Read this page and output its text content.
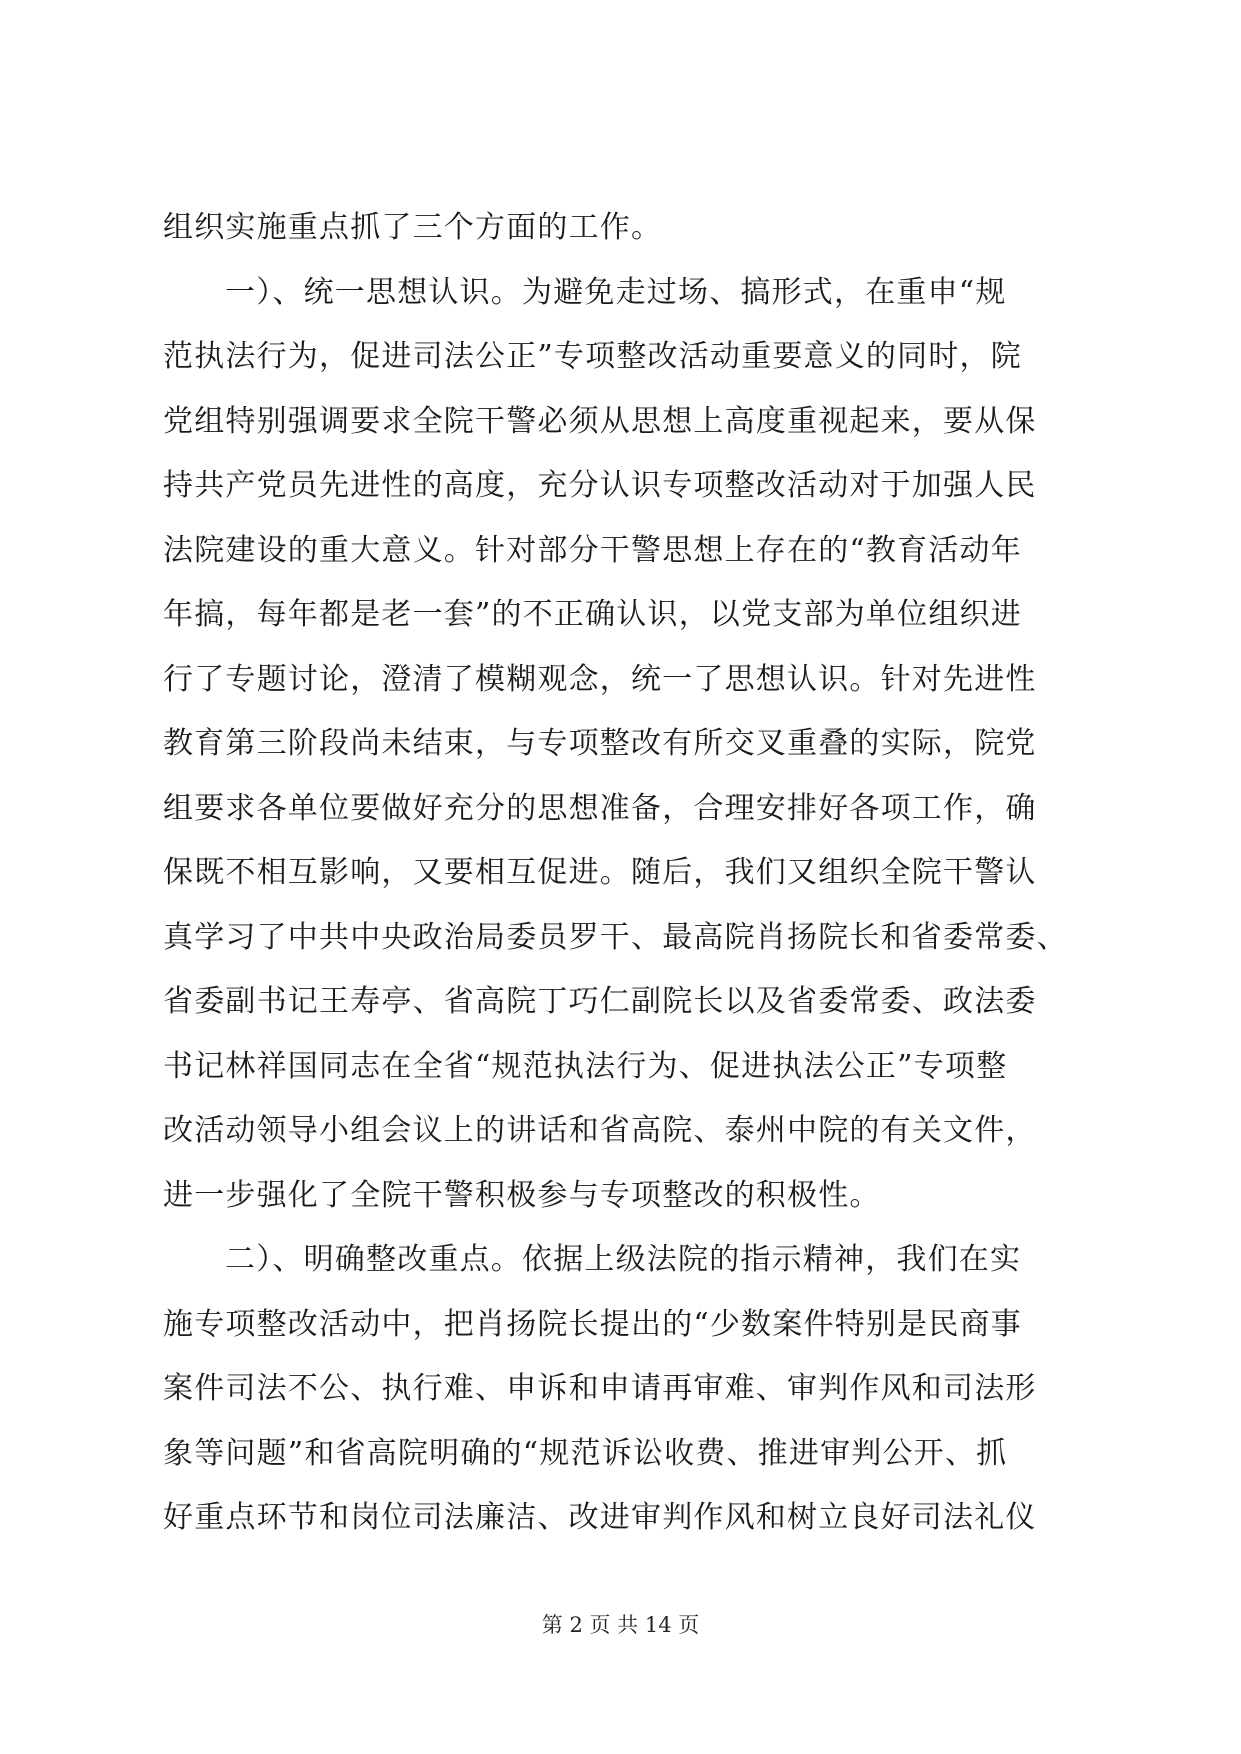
组织实施重点抓了三个方面的工作。
一）、统一思想认识。为避免走过场、搞形式，在重申“规
范执法行为，促进司法公正”专项整改活动重要意义的同时，院
党组特别强调要求全院干警必须从思想上高度重视起来，要从保
持共产党员先进性的高度，充分认识专项整改活动对于加强人民
法院建设的重大意义。针对部分干警思想上存在的“教育活动年
年搞，每年都是老一套”的不正确认识，以党支部为单位组织进
行了专题讨论，澄清了模糊观念，统一了思想认识。针对先进性
教育第三阶段尚未结束，与专项整改有所交叉重叠的实际，院党
组要求各单位要做好充分的思想准备，合理安排好各项工作，确
保既不相互影响，又要相互促进。随后，我们又组织全院干警认
真学习了中共中央政治局委员罗干、最高院肖扬院长和省委常委、
省委副书记王寿亭、省高院丁巧仁副院长以及省委常委、政法委
书记林祥国同志在全省“规范执法行为、促进执法公正”专项整
改活动领导小组会议上的讲话和省高院、泰州中院的有关文件，
进一步强化了全院干警积极参与专项整改的积极性。
二）、明确整改重点。依据上级法院的指示精神，我们在实
施专项整改活动中，把肖扬院长提出的“少数案件特别是民商事
案件司法不公、执行难、申诉和申请再审难、审判作风和司法形
象等问题”和省高院明确的“规范诉讼收费、推进审判公开、抓
好重点环节和岗位司法廉洁、改进审判作风和树立良好司法礼仪
第 2 页 共 14 页
